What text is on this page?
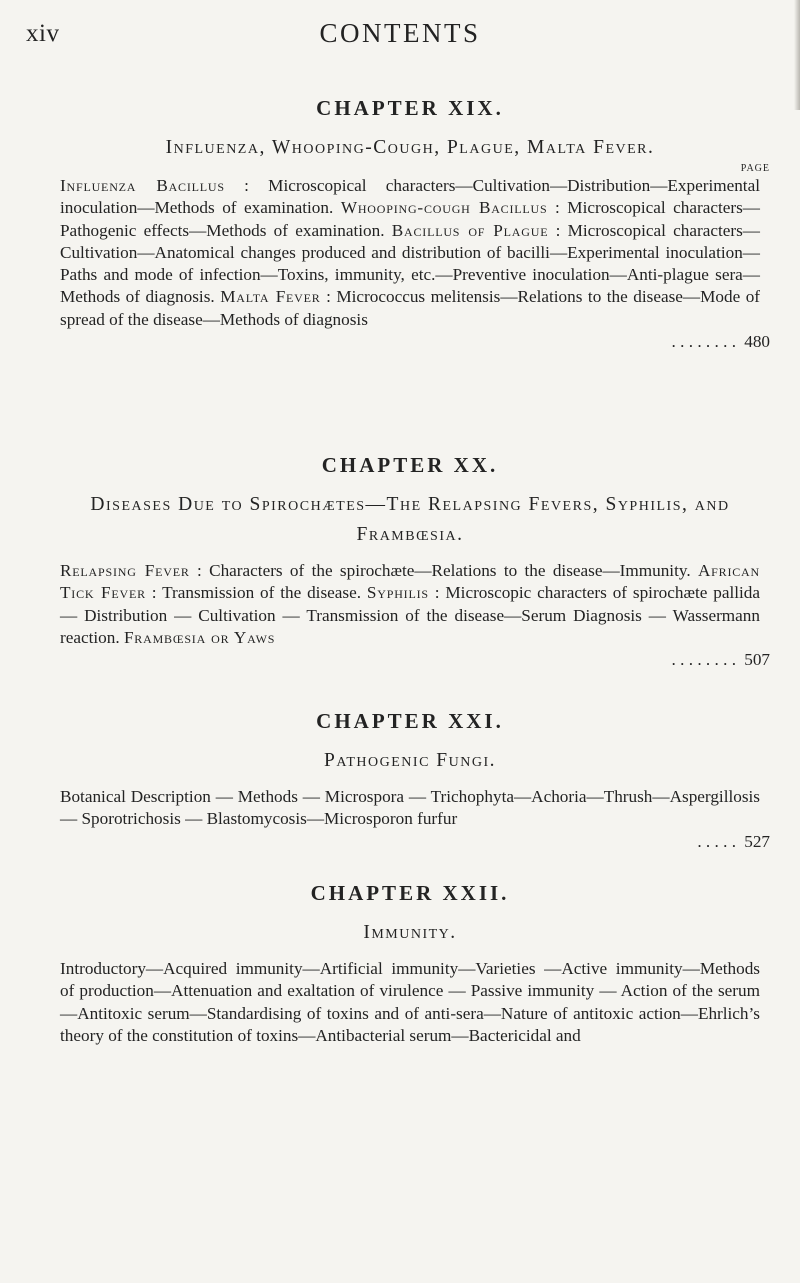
xiv	CONTENTS
CHAPTER XIX.
Influenza, Whooping-Cough, Plague, Malta Fever.
PAGE

Influenza Bacillus : Microscopical characters—Cultivation—Distribution—Experimental inoculation—Methods of examination. Whooping-cough Bacillus : Microscopical characters—Pathogenic effects—Methods of examination. Bacillus of Plague : Microscopical characters—Cultivation—Anatomical changes produced and distribution of bacilli—Experimental inoculation—Paths and mode of infection—Toxins, immunity, etc.—Preventive inoculation—Anti-plague sera—Methods of diagnosis. Malta Fever : Micrococcus melitensis—Relations to the disease—Mode of spread of the disease—Methods of diagnosis

. . . . . . . . 480
CHAPTER XX.
Diseases Due to Spirochætes—The Relapsing Fevers, Syphilis, and Frambœsia.

Relapsing Fever : Characters of the spirochæte—Relations to the disease—Immunity. African Tick Fever : Transmission of the disease. Syphilis : Microscopic characters of spirochæte pallida — Distribution — Cultivation — Transmission of the disease—Serum Diagnosis — Wassermann reaction. Frambœsia or Yaws

. . . . . . . . 507
CHAPTER XXI.
Pathogenic Fungi.

Botanical Description — Methods — Microspora — Trichophyta—Achoria—Thrush—Aspergillosis — Sporotrichosis — Blastomycosis—Microsporon furfur

. . . . . 527
CHAPTER XXII.
Immunity.

Introductory—Acquired immunity—Artificial immunity—Varieties —Active immunity—Methods of production—Attenuation and exaltation of virulence — Passive immunity — Action of the serum—Antitoxic serum—Standardising of toxins and of anti-sera—Nature of antitoxic action—Ehrlich’s theory of the constitution of toxins—Antibacterial serum—Bactericidal and
